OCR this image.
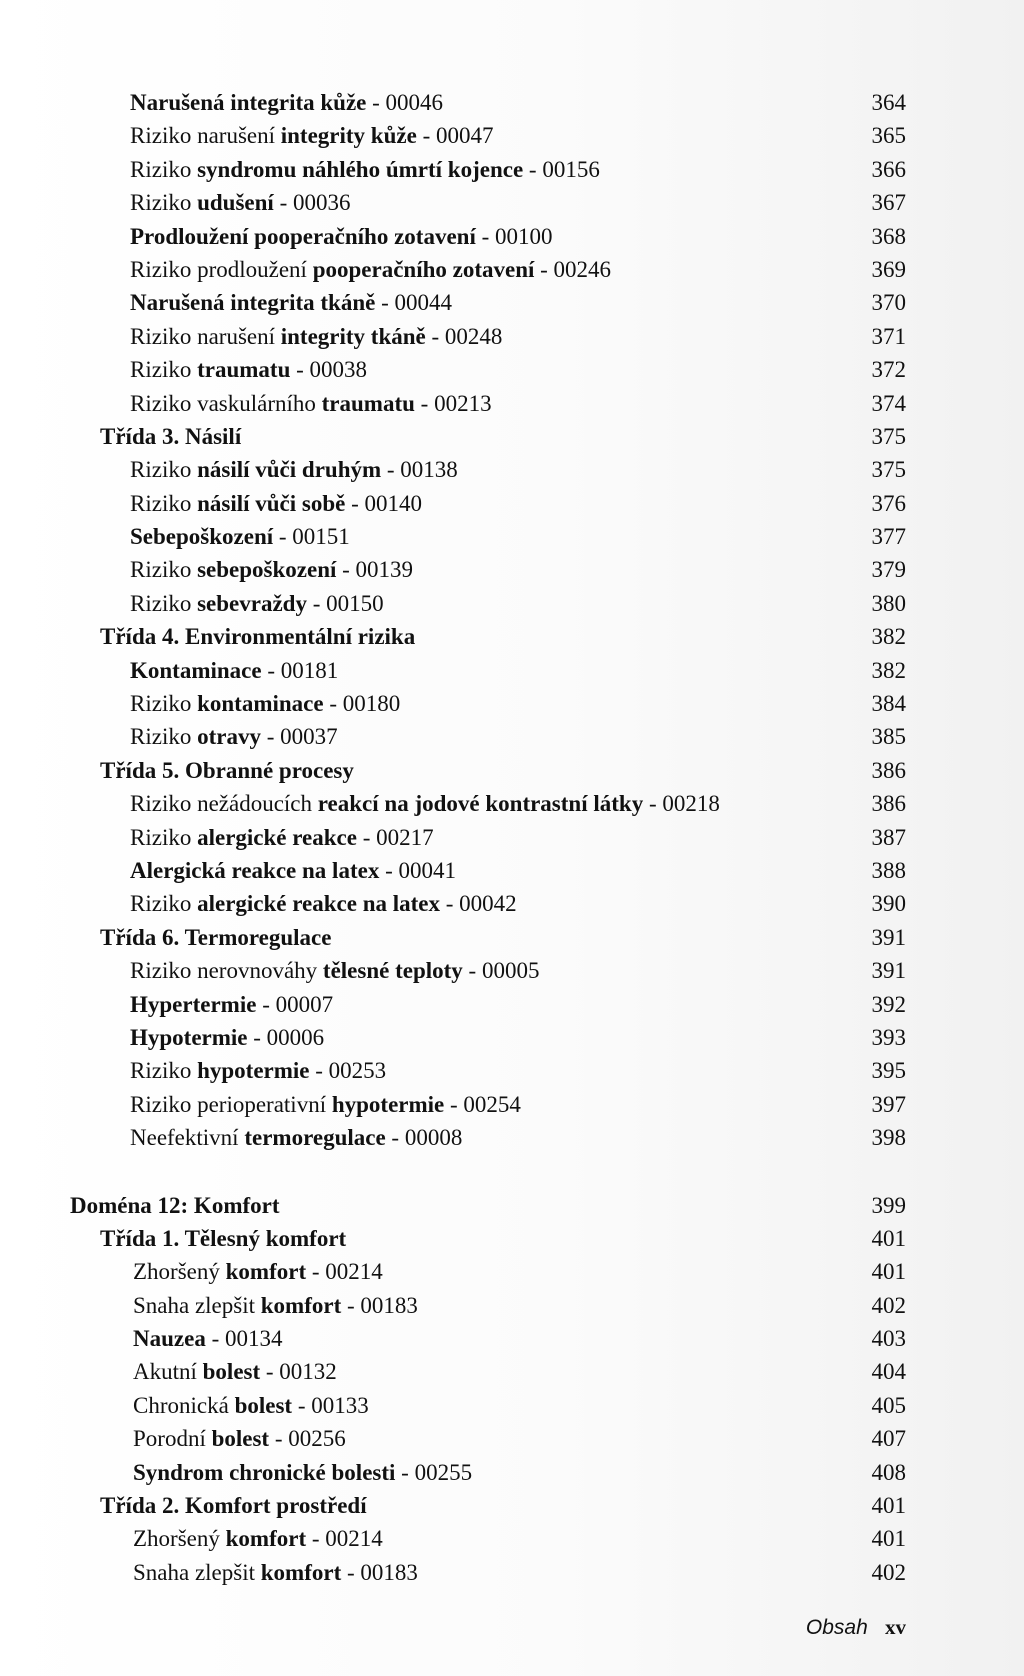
Narušená integrita kůže - 00046	364
Riziko narušení integrity kůže - 00047	365
Riziko syndromu náhlého úmrtí kojence - 00156	366
Riziko udušení - 00036	367
Prodloužení pooperačního zotavení - 00100	368
Riziko prodloužení pooperačního zotavení - 00246	369
Narušená integrita tkáně - 00044	370
Riziko narušení integrity tkáně - 00248	371
Riziko traumatu - 00038	372
Riziko vaskulárního traumatu - 00213	374
Třída 3. Násilí	375
Riziko násilí vůči druhým - 00138	375
Riziko násilí vůči sobě - 00140	376
Sebepoškození - 00151	377
Riziko sebepoškození - 00139	379
Riziko sebevraždy - 00150	380
Třída 4. Environmentální rizika	382
Kontaminace - 00181	382
Riziko kontaminace - 00180	384
Riziko otravy - 00037	385
Třída 5. Obranné procesy	386
Riziko nežádoucích reakcí na jodové kontrastní látky - 00218	386
Riziko alergické reakce - 00217	387
Alergická reakce na latex - 00041	388
Riziko alergické reakce na latex - 00042	390
Třída 6. Termoregulace	391
Riziko nerovnováhy tělesné teploty - 00005	391
Hypertermie - 00007	392
Hypotermie - 00006	393
Riziko hypotermie - 00253	395
Riziko perioperativní hypotermie - 00254	397
Neefektivní termoregulace - 00008	398
Doména 12: Komfort	399
Třída 1. Tělesný komfort	401
Zhoršený komfort - 00214	401
Snaha zlepšit komfort - 00183	402
Nauzea - 00134	403
Akutní bolest - 00132	404
Chronická bolest - 00133	405
Porodní bolest - 00256	407
Syndrom chronické bolesti - 00255	408
Třída 2. Komfort prostředí	401
Zhoršený komfort - 00214	401
Snaha zlepšit komfort - 00183	402
Obsah xv
